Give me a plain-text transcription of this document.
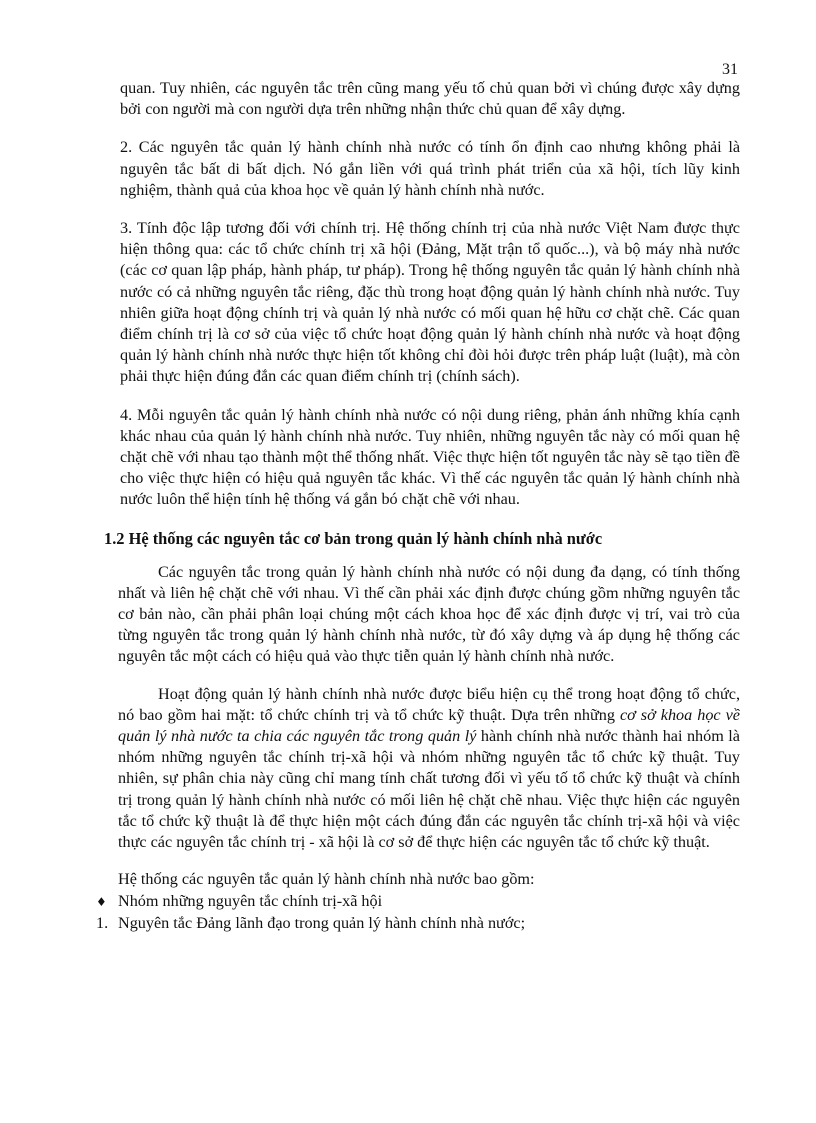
31

quan. Tuy nhiên, các nguyên tắc trên cũng mang yếu tố chủ quan bởi vì chúng được xây dựng bởi con người mà con người dựa trên những nhận thức chủ quan để xây dựng.

2. Các nguyên tắc quản lý hành chính nhà nước có tính ổn định cao nhưng không phải là nguyên tắc bất di bất dịch. Nó gắn liền với quá trình phát triển của xã hội, tích lũy kinh nghiệm, thành quả của khoa học về quản lý hành chính nhà nước.

3. Tính độc lập tương đối với chính trị. Hệ thống chính trị của nhà nước Việt Nam được thực hiện thông qua: các tổ chức chính trị xã hội (Đảng, Mặt trận tổ quốc...), và bộ máy nhà nước (các cơ quan lập pháp, hành pháp, tư pháp). Trong hệ thống nguyên tắc quản lý hành chính nhà nước có cả những nguyên tắc riêng, đặc thù trong hoạt động quản lý hành chính nhà nước. Tuy nhiên giữa hoạt động chính trị và quản lý nhà nước có mối quan hệ hữu cơ chặt chẽ. Các quan điểm chính trị là cơ sở của việc tổ chức hoạt động quản lý hành chính nhà nước và hoạt động quản lý hành chính nhà nước thực hiện tốt không chỉ đòi hỏi được trên pháp luật (luật), mà còn phải thực hiện đúng đắn các quan điểm chính trị (chính sách).

4. Mỗi nguyên tắc quản lý hành chính nhà nước có nội dung riêng, phản ánh những khía cạnh khác nhau của quản lý hành chính nhà nước. Tuy nhiên, những nguyên tắc này có mối quan hệ chặt chẽ với nhau tạo thành một thể thống nhất. Việc thực hiện tốt nguyên tắc này sẽ tạo tiền đề cho việc thực hiện có hiệu quả nguyên tắc khác. Vì thế các nguyên tắc quản lý hành chính nhà nước luôn thể hiện tính hệ thống vá gắn bó chặt chẽ với nhau.

1.2 Hệ thống các nguyên tắc cơ bản trong quản lý hành chính nhà nước

Các nguyên tắc trong quản lý hành chính nhà nước có nội dung đa dạng, có tính thống nhất và liên hệ chặt chẽ với nhau. Vì thế cần phải xác định được chúng gồm những nguyên tắc cơ bản nào, cần phải phân loại chúng một cách khoa học để xác định được vị trí, vai trò của từng nguyên tắc trong quản lý hành chính nhà nước, từ đó xây dựng và áp dụng hệ thống các nguyên tắc một cách có hiệu quả vào thực tiễn quản lý hành chính nhà nước.

Hoạt động quản lý hành chính nhà nước được biểu hiện cụ thể trong hoạt động tổ chức, nó bao gồm hai mặt: tổ chức chính trị và tổ chức kỹ thuật. Dựa trên những cơ sở khoa học về quản lý nhà nước ta chia các nguyên tắc trong quản lý hành chính nhà nước thành hai nhóm là nhóm những nguyên tắc chính trị-xã hội và nhóm những nguyên tắc tổ chức kỹ thuật. Tuy nhiên, sự phân chia này cũng chỉ mang tính chất tương đối vì yếu tố tổ chức kỹ thuật và chính trị trong quản lý hành chính nhà nước có mối liên hệ chặt chẽ nhau. Việc thực hiện các nguyên tắc tổ chức kỹ thuật là để thực hiện một cách đúng đắn các nguyên tắc chính trị-xã hội và việc thực các nguyên tắc chính trị - xã hội là cơ sở để thực hiện các nguyên tắc tổ chức kỹ thuật.

Hệ thống các nguyên tắc quản lý hành chính nhà nước bao gồm:

♦ Nhóm những nguyên tắc chính trị-xã hội
1. Nguyên tắc Đảng lãnh đạo trong quản lý hành chính nhà nước;
